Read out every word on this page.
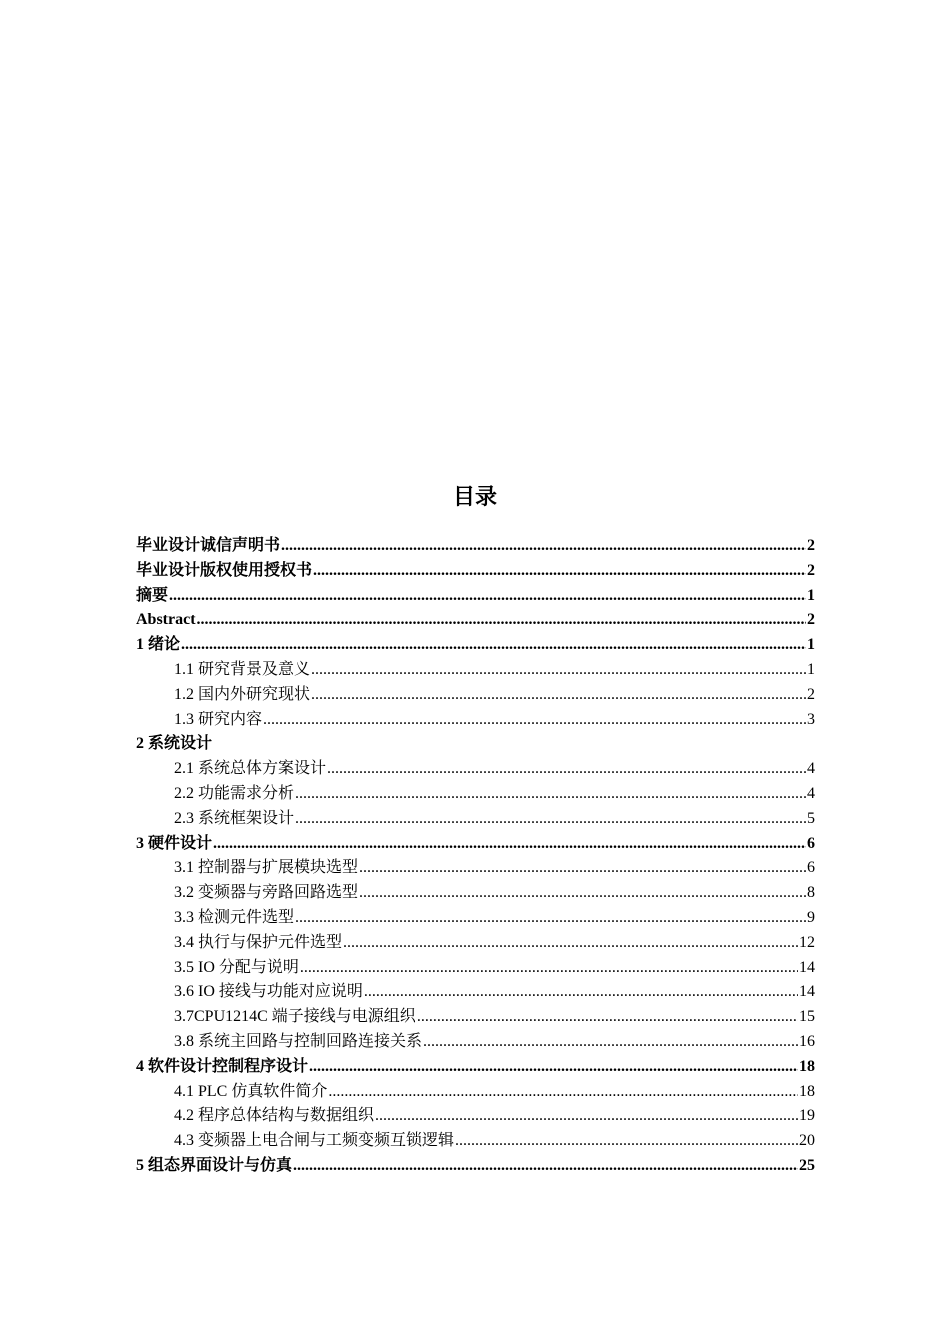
目录
毕业设计诚信声明书 .....	2
毕业设计版权使用授权书 .....	2
摘要 .....	1
Abstract .....	2
1 绪论 .....	1
1.1 研究背景及意义 .....	1
1.2 国内外研究现状 .....	2
1.3 研究内容 .....	3
2 系统设计
2.1 系统总体方案设计 .....	4
2.2 功能需求分析 .....	4
2.3 系统框架设计 .....	5
3 硬件设计 .....	6
3.1 控制器与扩展模块选型 .....	6
3.2 变频器与旁路回路选型 .....	8
3.3 检测元件选型 .....	9
3.4 执行与保护元件选型 .....	12
3.5 IO 分配与说明 .....	14
3.6 IO 接线与功能对应说明 .....	14
3.7CPU1214C 端子接线与电源组织 .....	15
3.8 系统主回路与控制回路连接关系 .....	16
4 软件设计控制程序设计 .....	18
4.1 PLC 仿真软件简介 .....	18
4.2 程序总体结构与数据组织 .....	19
4.3 变频器上电合闸与工频变频互锁逻辑 .....	20
5 组态界面设计与仿真 .....	25
